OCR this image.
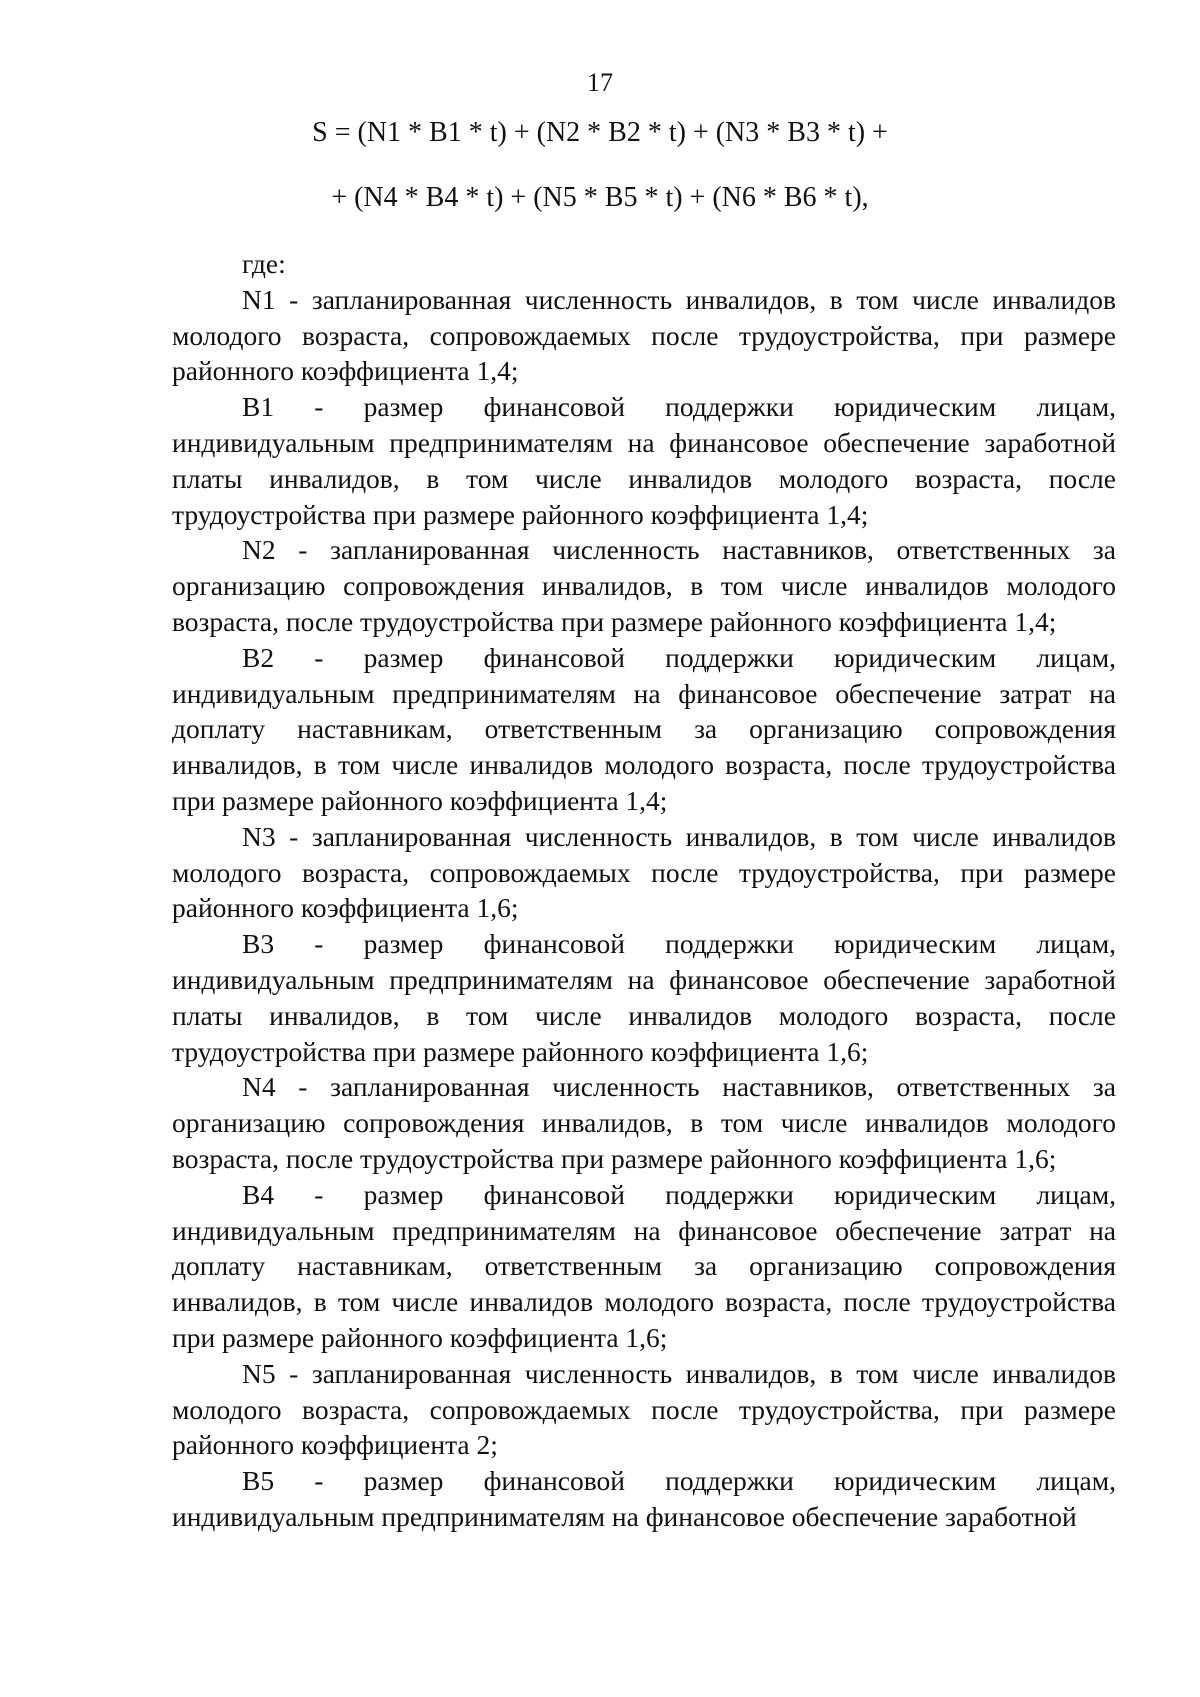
17

S = (N1 * B1 * t) + (N2 * B2 * t) + (N3 * B3 * t) +

+ (N4 * B4 * t) + (N5 * B5 * t) + (N6 * B6 * t),

где:

N1 - запланированная численность инвалидов, в том числе инвалидов молодого возраста, сопровождаемых после трудоустройства, при размере районного коэффициента 1,4;

B1 - размер финансовой поддержки юридическим лицам, индивидуальным предпринимателям на финансовое обеспечение заработной платы инвалидов, в том числе инвалидов молодого возраста, после трудоустройства при размере районного коэффициента 1,4;

N2 - запланированная численность наставников, ответственных за организацию сопровождения инвалидов, в том числе инвалидов молодого возраста, после трудоустройства при размере районного коэффициента 1,4;

B2 - размер финансовой поддержки юридическим лицам, индивидуальным предпринимателям на финансовое обеспечение затрат на доплату наставникам, ответственным за организацию сопровождения инвалидов, в том числе инвалидов молодого возраста, после трудоустройства при размере районного коэффициента 1,4;

N3 - запланированная численность инвалидов, в том числе инвалидов молодого возраста, сопровождаемых после трудоустройства, при размере районного коэффициента 1,6;

B3 - размер финансовой поддержки юридическим лицам, индивидуальным предпринимателям на финансовое обеспечение заработной платы инвалидов, в том числе инвалидов молодого возраста, после трудоустройства при размере районного коэффициента 1,6;

N4 - запланированная численность наставников, ответственных за организацию сопровождения инвалидов, в том числе инвалидов молодого возраста, после трудоустройства при размере районного коэффициента 1,6;

B4 - размер финансовой поддержки юридическим лицам, индивидуальным предпринимателям на финансовое обеспечение затрат на доплату наставникам, ответственным за организацию сопровождения инвалидов, в том числе инвалидов молодого возраста, после трудоустройства при размере районного коэффициента 1,6;

N5 - запланированная численность инвалидов, в том числе инвалидов молодого возраста, сопровождаемых после трудоустройства, при размере районного коэффициента 2;

B5 - размер финансовой поддержки юридическим лицам, индивидуальным предпринимателям на финансовое обеспечение заработной
